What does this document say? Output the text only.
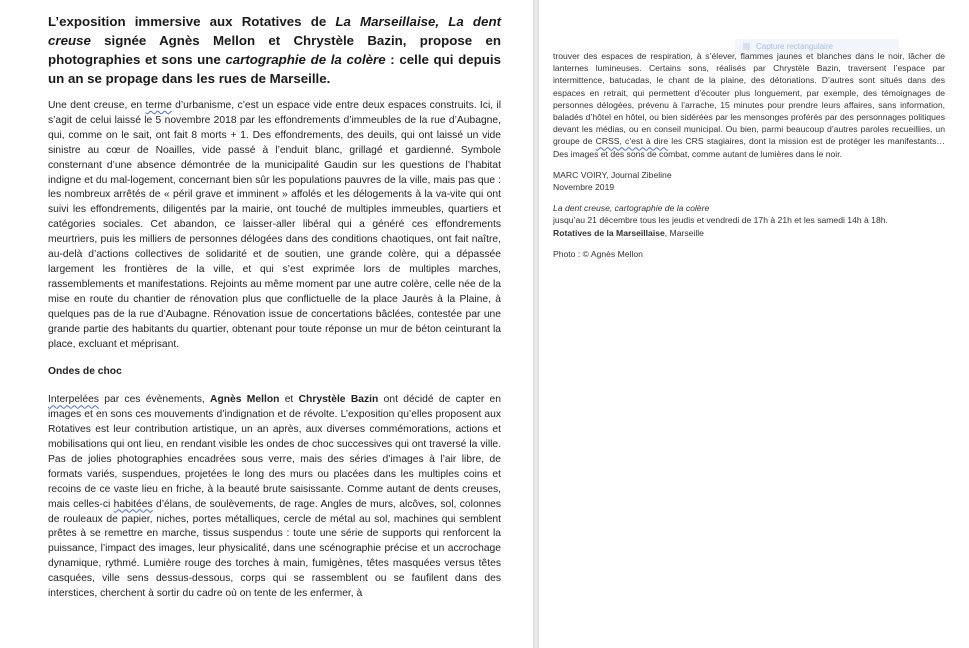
L’exposition immersive aux Rotatives de La Marseillaise, La dent creuse signée Agnès Mellon et Chrystèle Bazin, propose en photographies et sons une cartographie de la colère : celle qui depuis un an se propage dans les rues de Marseille.

Une dent creuse, en terme d’urbanisme, c’est un espace vide entre deux espaces construits. Ici, il s’agit de celui laissé le 5 novembre 2018 par les effondrements d’immeubles de la rue d’Aubagne, qui, comme on le sait, ont fait 8 morts + 1. Des effondrements, des deuils, qui ont laissé un vide sinistre au cœur de Noailles, vide passé à l’enduit blanc, grillagé et gardienné. Symbole consternant d’une absence démontrée de la municipalité Gaudin sur les questions de l’habitat indigne et du mal-logement, concernant bien sûr les populations pauvres de la ville, mais pas que : les nombreux arrêtés de « péril grave et imminent » affolés et les délogements à la va-vite qui ont suivi les effondrements, diligentés par la mairie, ont touché de multiples immeubles, quartiers et catégories sociales. Cet abandon, ce laisser-aller libéral qui a généré ces effondrements meurtriers, puis les milliers de personnes délogées dans des conditions chaotiques, ont fait naître, au-delà d’actions collectives de solidarité et de soutien, une grande colère, qui a dépassée largement les frontières de la ville, et qui s’est exprimée lors de multiples marches, rassemblements et manifestations. Rejoints au même moment par une autre colère, celle née de la mise en route du chantier de rénovation plus que conflictuelle de la place Jaurès à la Plaine, à quelques pas de la rue d’Aubagne. Rénovation issue de concertations bâclées, contestée par une grande partie des habitants du quartier, obtenant pour toute réponse un mur de béton ceinturant la place, excluant et méprisant.

Ondes de choc

Interpelées par ces évènements, Agnès Mellon et Chrystèle Bazin ont décidé de capter en images et en sons ces mouvements d’indignation et de révolte. L’exposition qu’elles proposent aux Rotatives est leur contribution artistique, un an après, aux diverses commémorations, actions et mobilisations qui ont lieu, en rendant visible les ondes de choc successives qui ont traversé la ville. Pas de jolies photographies encadrées sous verre, mais des séries d’images à l’air libre, de formats variés, suspendues, projetées le long des murs ou placées dans les multiples coins et recoins de ce vaste lieu en friche, à la beauté brute saisissante. Comme autant de dents creuses, mais celles-ci habitées d’élans, de soulèvements, de rage. Angles de murs, alcôves, sol, colonnes de rouleaux de papier, niches, portes métalliques, cercle de métal au sol, machines qui semblent prêtes à se remettre en marche, tissus suspendus : toute une série de supports qui renforcent la puissance, l’impact des images, leur physicalité, dans une scénographie précise et un accrochage dynamique, rythmé. Lumière rouge des torches à main, fumigènes, têtes masquées versus têtes casquées, ville sens dessus-dessous, corps qui se rassemblent ou se faufilent dans des interstices, cherchent à sortir du cadre où on tente de les enfermer, à

Capture rectangulaire

trouver des espaces de respiration, à s’élever, flammes jaunes et blanches dans le noir, lâcher de lanternes lumineuses. Certains sons, réalisés par Chrystèle Bazin, traversent l’espace par intermittence, batucadas, le chant de la plaine, des détonations. D’autres sont situés dans des espaces en retrait, qui permettent d’écouter plus longuement, par exemple, des témoignages de personnes délogées, prévenu à l’arrache, 15 minutes pour prendre leurs affaires, sans information, baladés d’hôtel en hôtel, ou bien sidérées par les mensonges proférés par des personnages politiques devant les médias, ou en conseil municipal. Ou bien, parmi beaucoup d’autres paroles recueillies, un groupe de CRSS, c’est à dire les CRS stagiaires, dont la mission est de protéger les manifestants… Des images et des sons de combat, comme autant de lumières dans le noir.

MARC VOIRY, Journal Zibeline
Novembre 2019

La dent creuse, cartographie de la colère
jusqu’au 21 décembre tous les jeudis et vendredi de 17h à 21h et les samedi 14h à 18h.
Rotatives de la Marseillaise, Marseille

Photo : © Agnès Mellon
